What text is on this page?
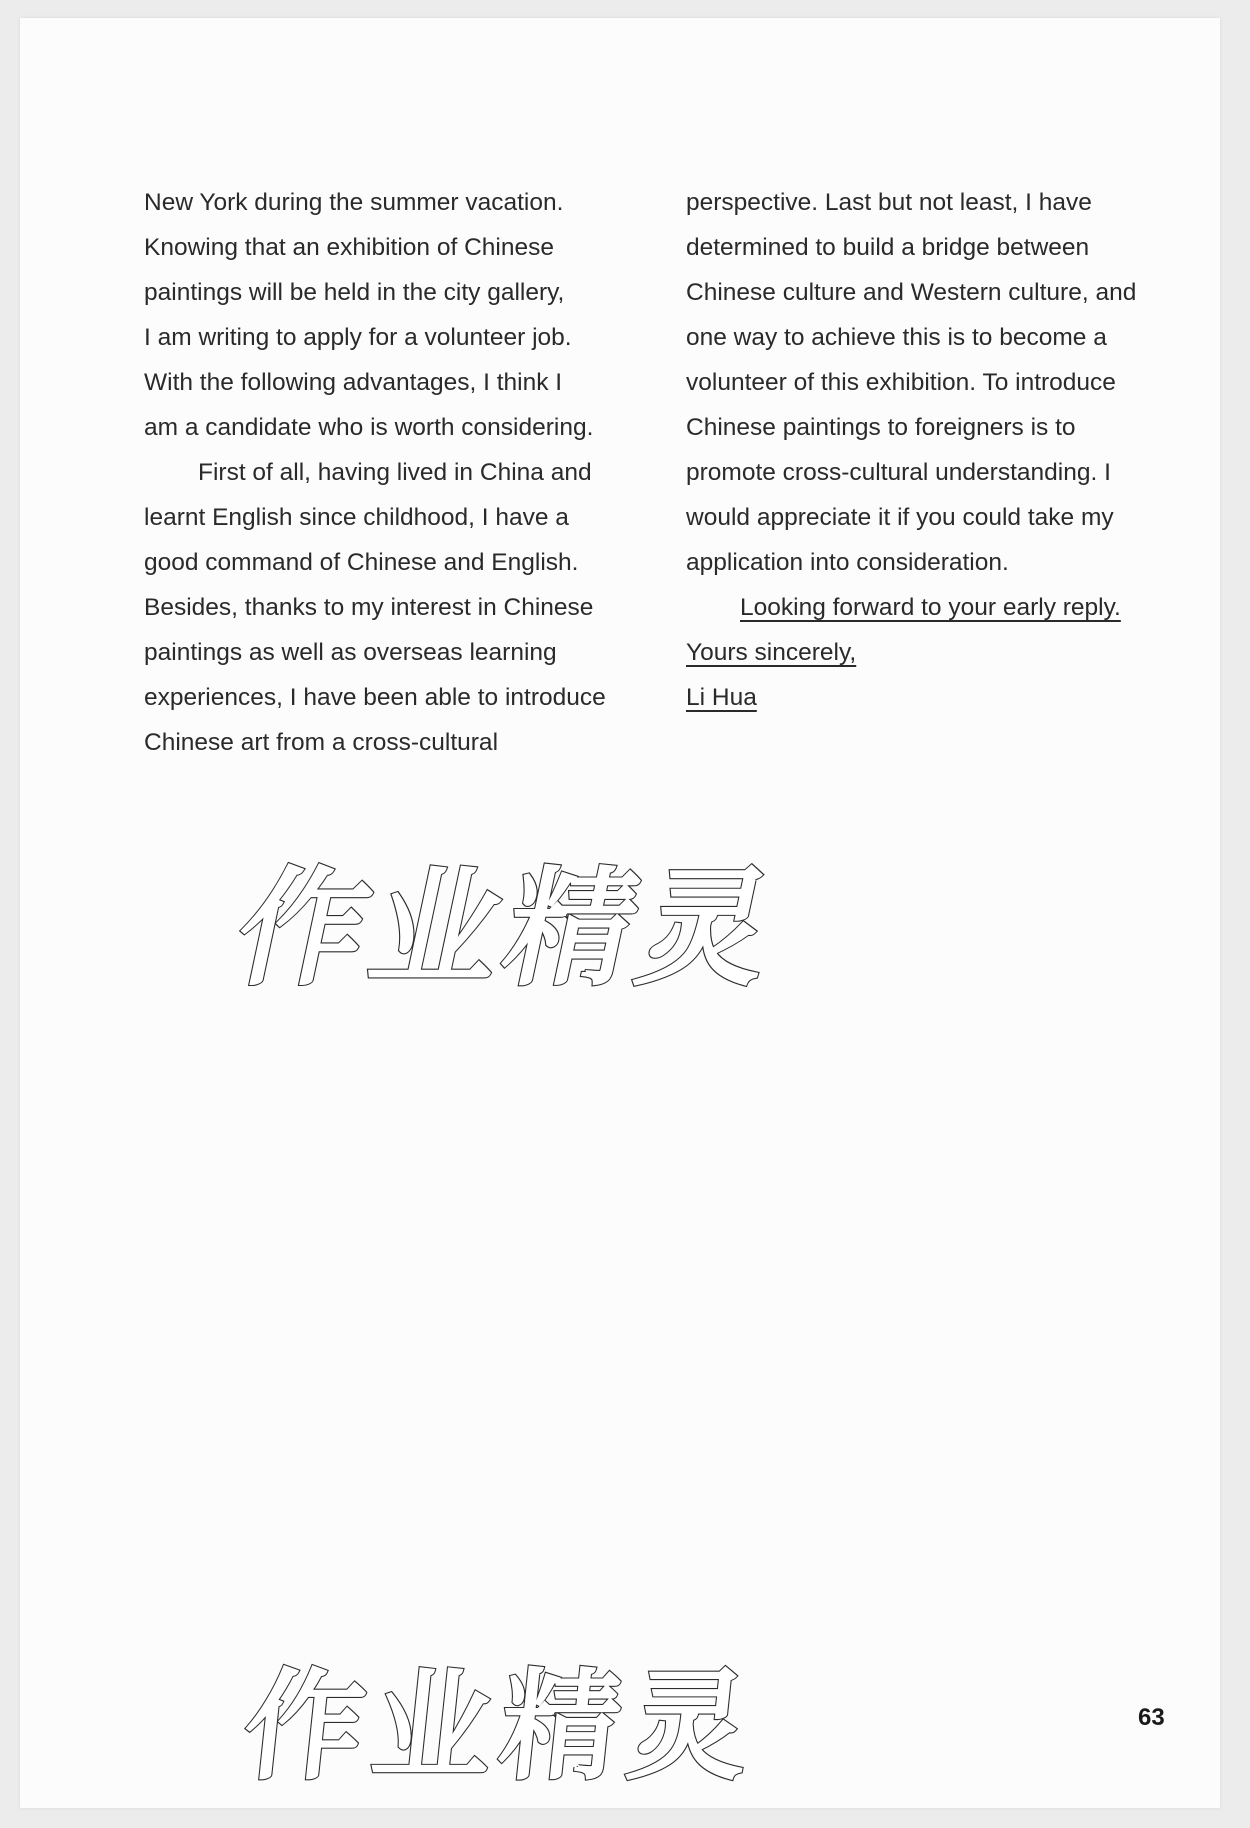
New York during the summer vacation.
Knowing that an exhibition of Chinese
paintings will be held in the city gallery,
I am writing to apply for a volunteer job.
With the following advantages, I think I
am a candidate who is worth considering.
First of all, having lived in China and
learnt English since childhood, I have a
good command of Chinese and English.
Besides, thanks to my interest in Chinese
paintings as well as overseas learning
experiences, I have been able to introduce
Chinese art from a cross-cultural
perspective. Last but not least, I have
determined to build a bridge between
Chinese culture and Western culture, and
one way to achieve this is to become a
volunteer of this exhibition. To introduce
Chinese paintings to foreigners is to
promote cross-cultural understanding. I
would appreciate it if you could take my
application into consideration.
Looking forward to your early reply.
Yours sincerely,
Li Hua
作业精灵
作业精灵	63
